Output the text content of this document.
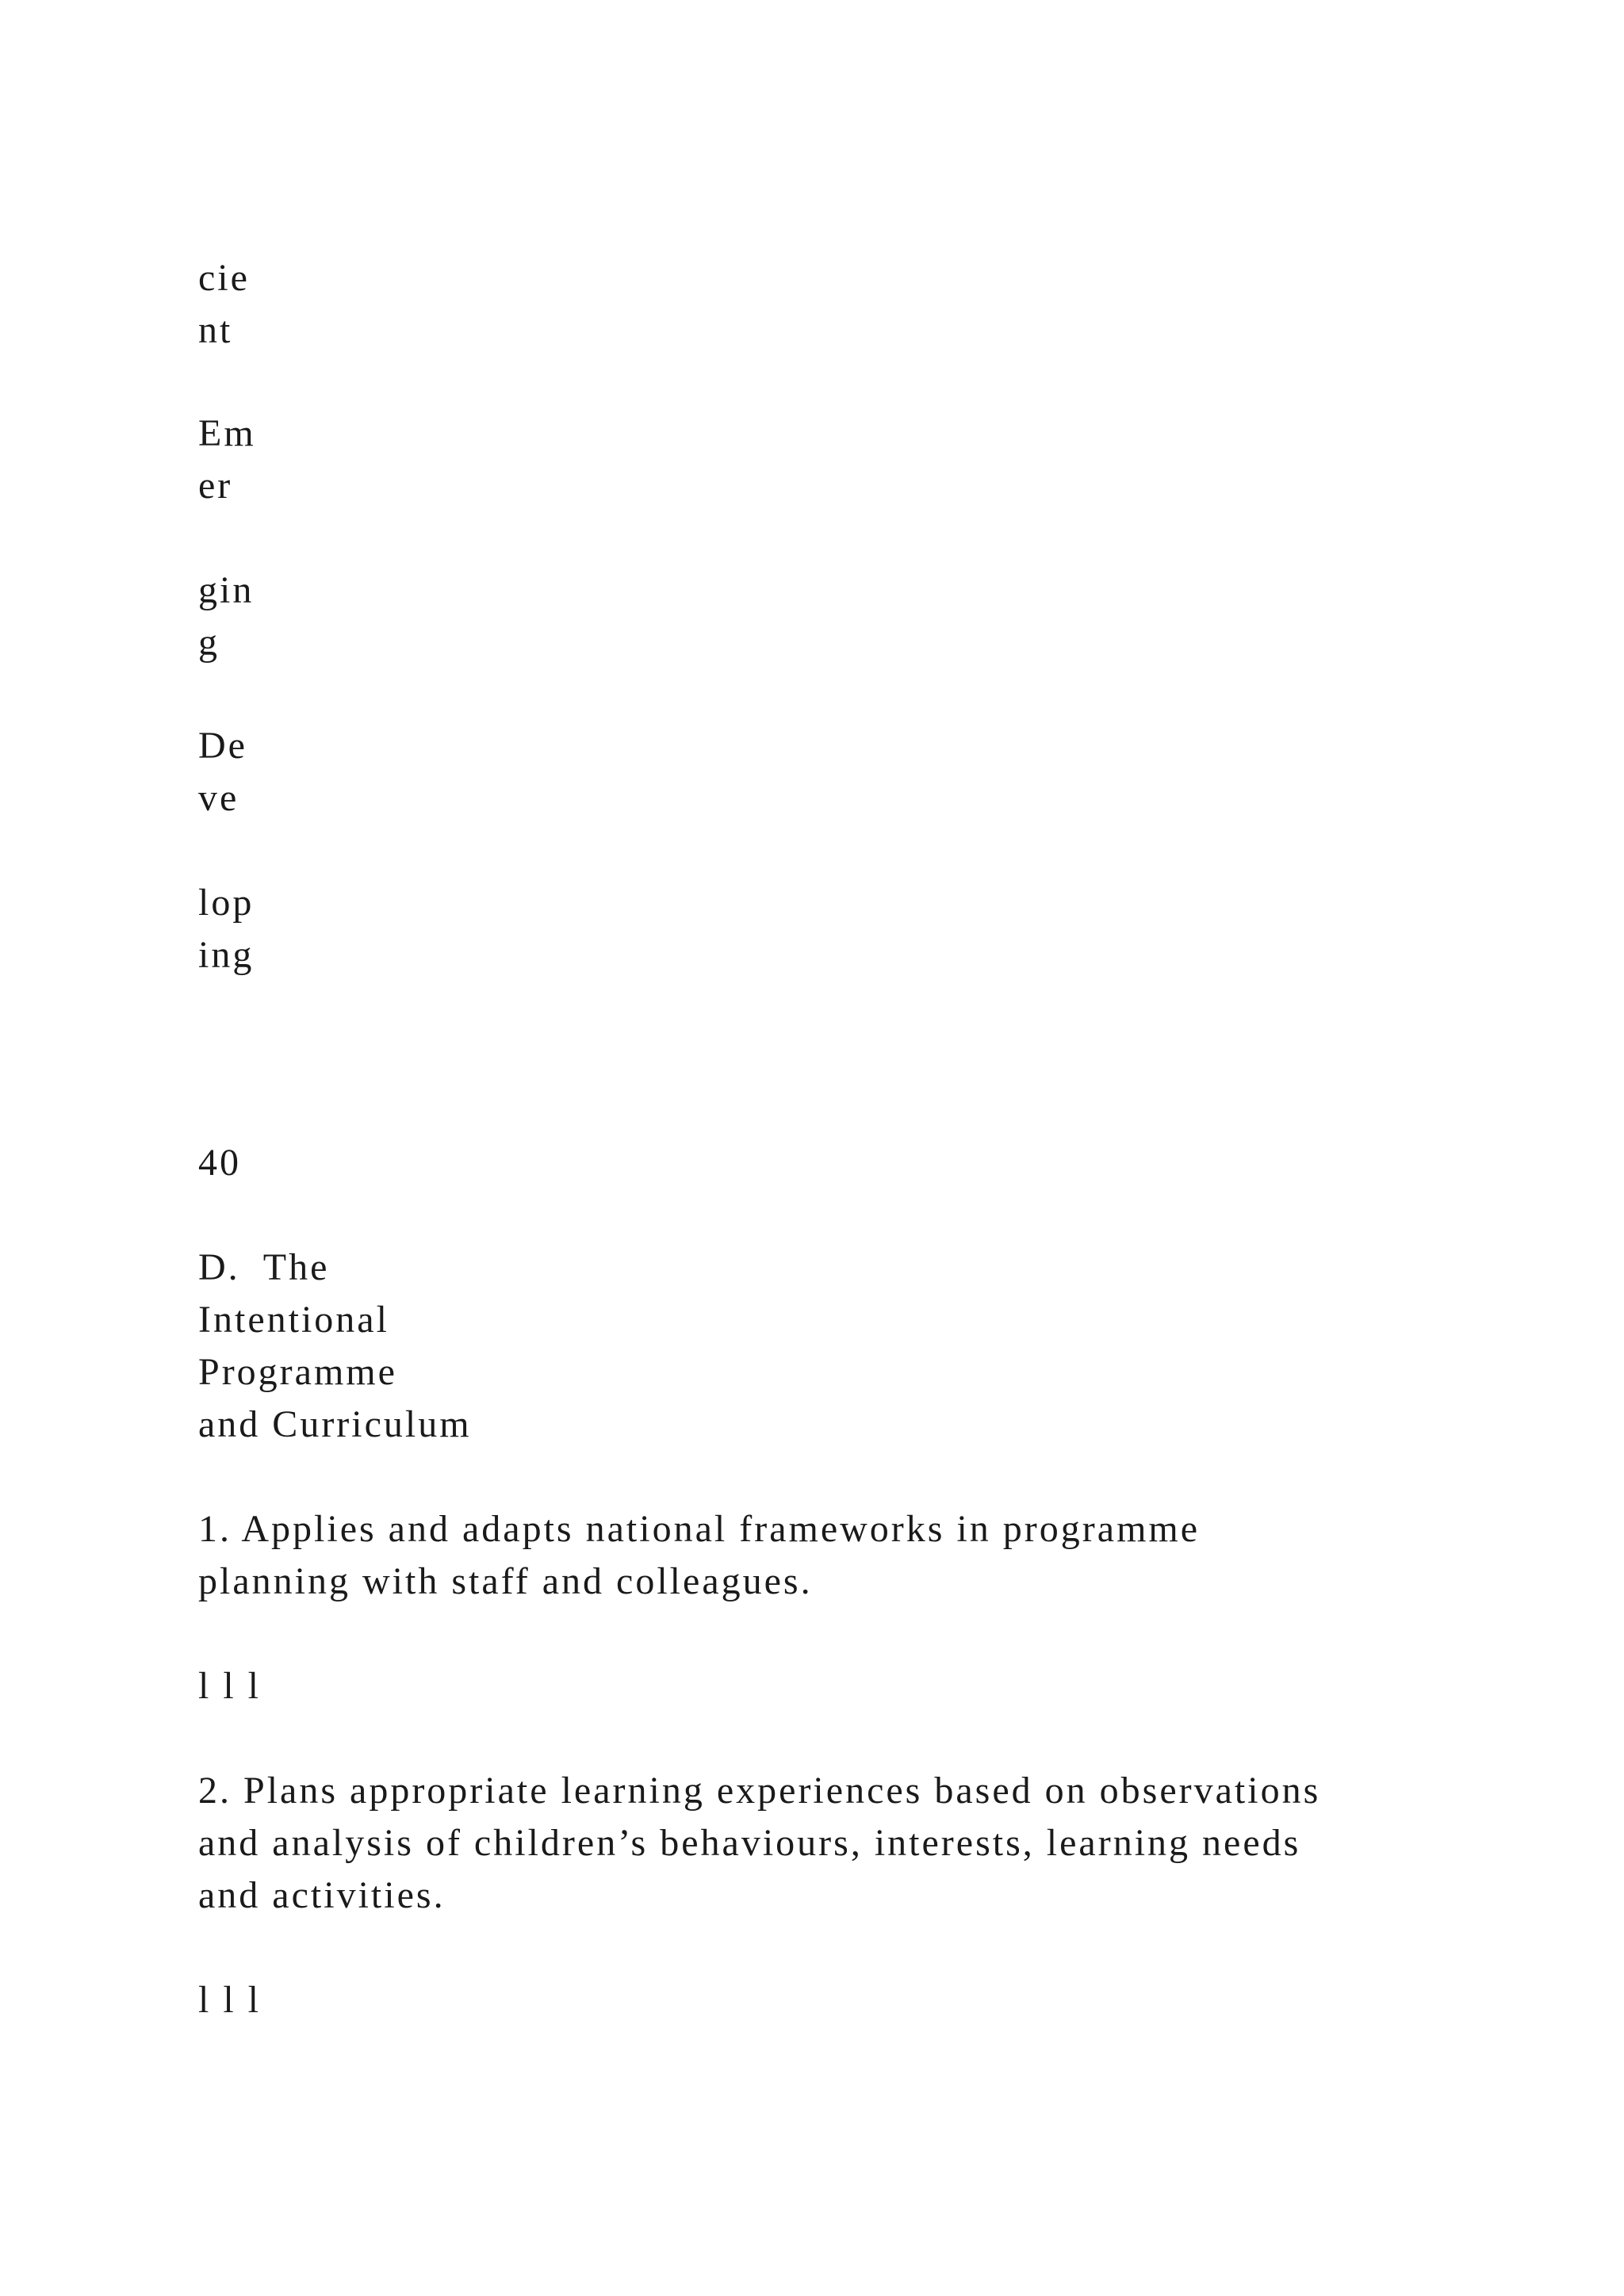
cie

nt

Em

er

gin

g

De

ve

lop

ing

40

D.  The

Intentional

Programme

and Curriculum

1. Applies and adapts national frameworks in programme

planning with staff and colleagues.

l l l

2. Plans appropriate learning experiences based on observations

and analysis of children’s behaviours, interests, learning needs

and activities.

l l l
